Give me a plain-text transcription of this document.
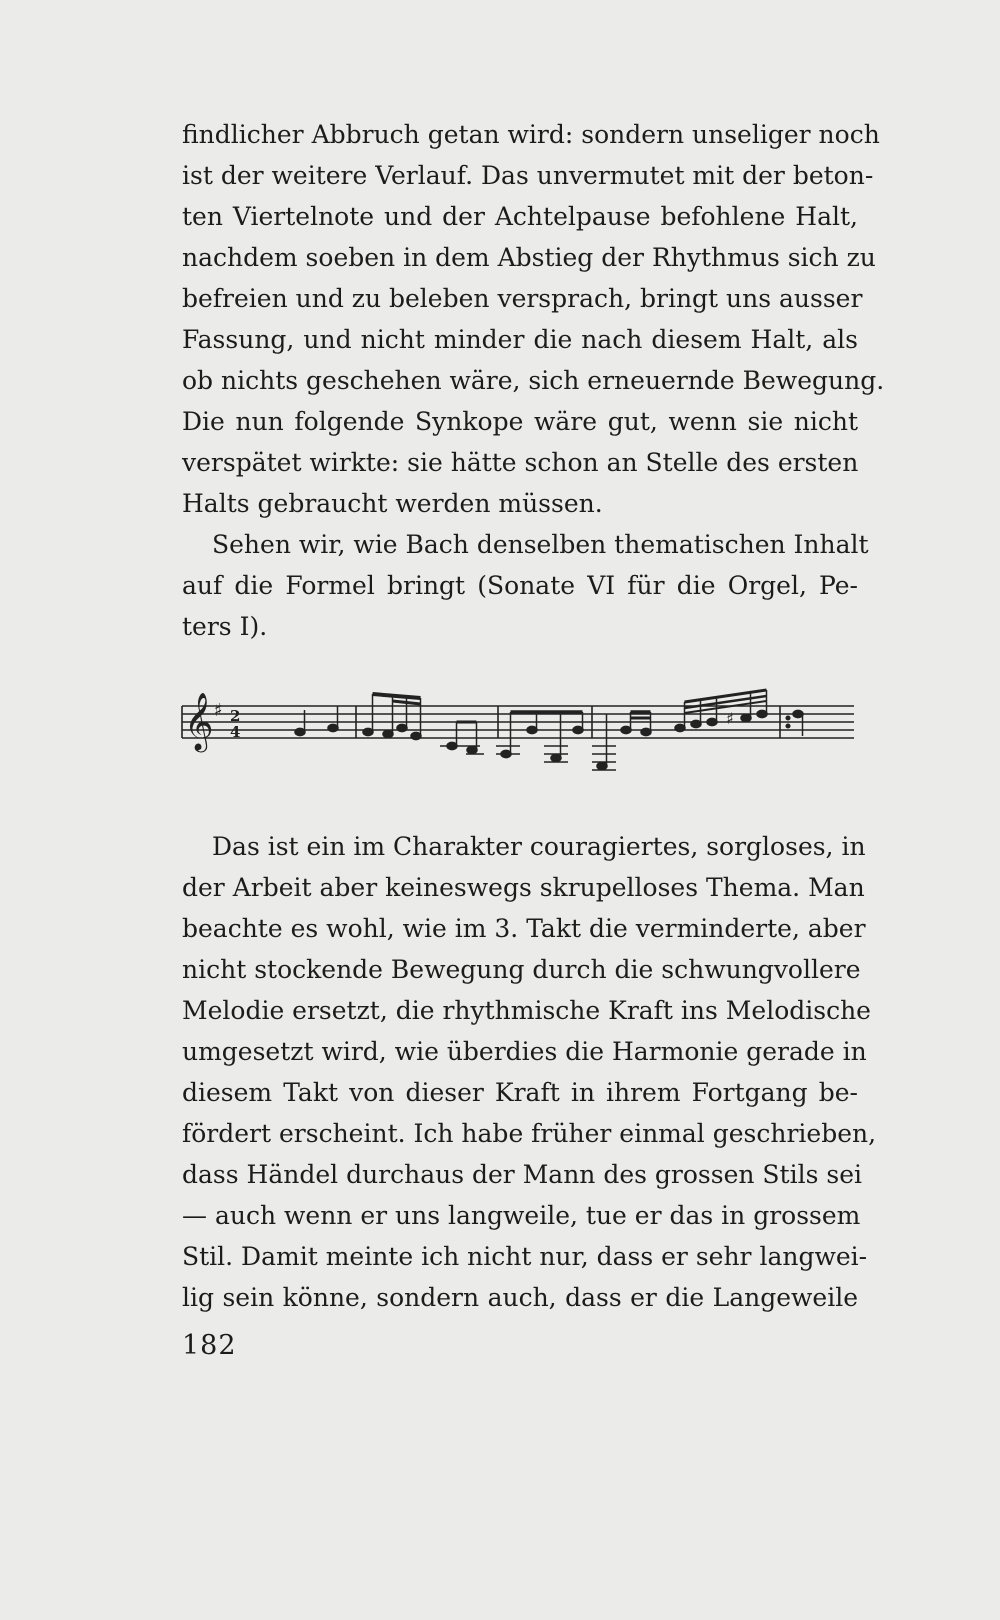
findlicher Abbruch getan wird: sondern unseliger noch
ist der weitere Verlauf. Das unvermutet mit der beton-
ten Viertelnote und der Achtelpause befohlene Halt,
nachdem soeben in dem Abstieg der Rhythmus sich zu
befreien und zu beleben versprach, bringt uns ausser
Fassung, und nicht minder die nach diesem Halt, als
ob nichts geschehen wäre, sich erneuernde Bewegung.
Die nun folgende Synkope wäre gut, wenn sie nicht
verspätet wirkte: sie hätte schon an Stelle des ersten
Halts gebraucht werden müssen.
Sehen wir, wie Bach denselben thematischen Inhalt
auf die Formel bringt (Sonate VI für die Orgel, Pe-
ters I).
𝄞 ♯ 2
4
♯
Das ist ein im Charakter couragiertes, sorgloses, in
der Arbeit aber keineswegs skrupelloses Thema. Man
beachte es wohl, wie im 3. Takt die verminderte, aber
nicht stockende Bewegung durch die schwungvollere
Melodie ersetzt, die rhythmische Kraft ins Melodische
umgesetzt wird, wie überdies die Harmonie gerade in
diesem Takt von dieser Kraft in ihrem Fortgang be-
fördert erscheint. Ich habe früher einmal geschrieben,
dass Händel durchaus der Mann des grossen Stils sei
— auch wenn er uns langweile, tue er das in grossem
Stil. Damit meinte ich nicht nur, dass er sehr langwei-
lig sein könne, sondern auch, dass er die Langeweile
182
